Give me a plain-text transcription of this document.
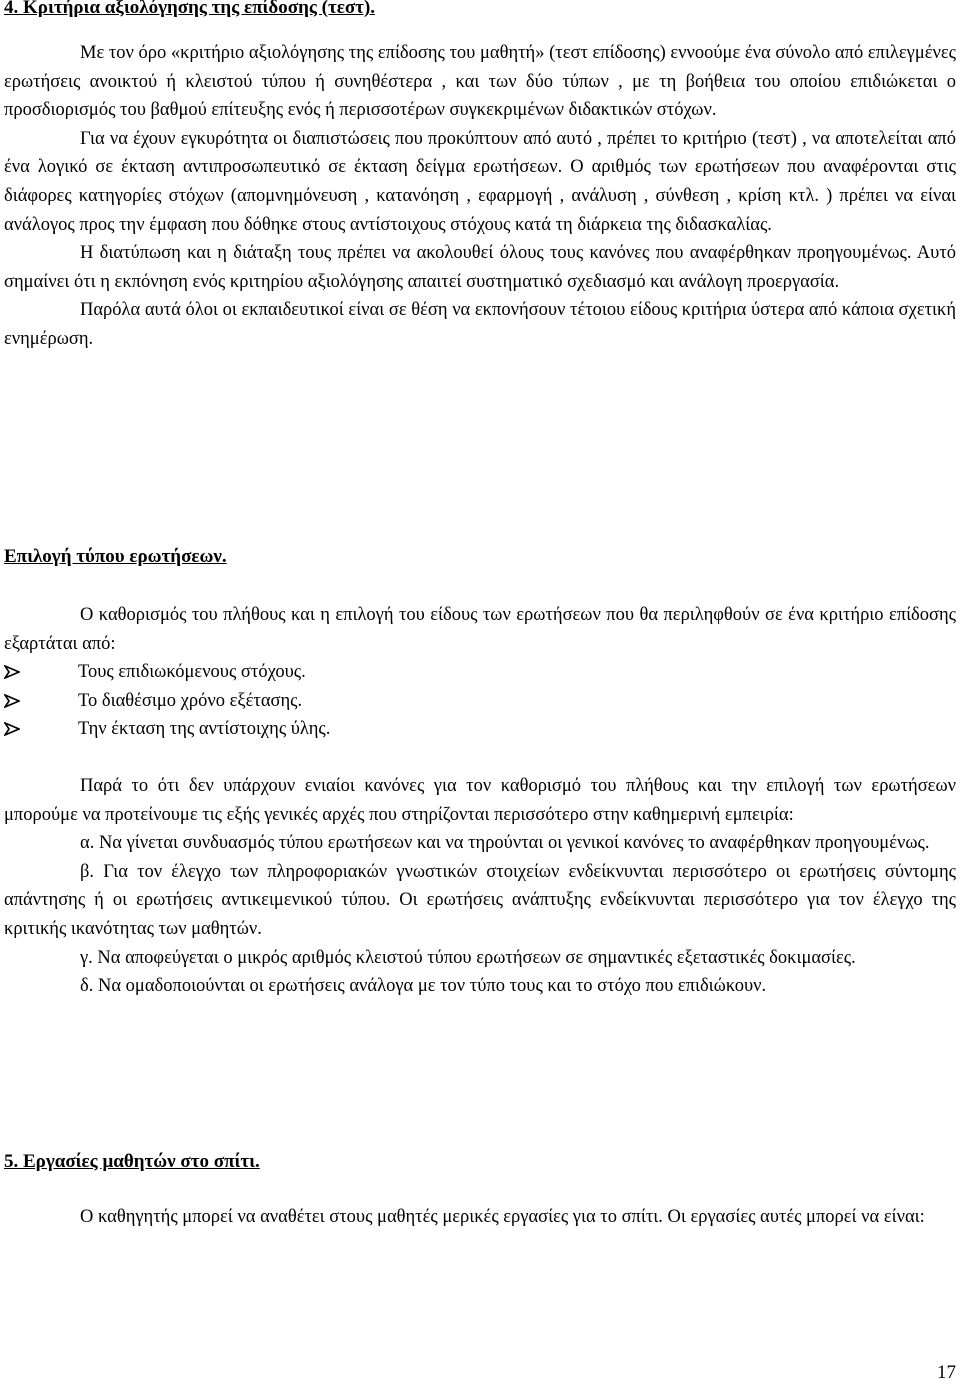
4. Κριτήρια αξιολόγησης της επίδοσης (τεστ).

Με τον όρο «κριτήριο αξιολόγησης της επίδοσης του μαθητή» (τεστ επίδοσης) εννοούμε ένα σύνολο από επιλεγμένες ερωτήσεις ανοικτού ή κλειστού τύπου ή συνηθέστερα , και των δύο τύπων , με τη βοήθεια του οποίου επιδιώκεται ο προσδιορισμός του βαθμού επίτευξης ενός ή περισσοτέρων συγκεκριμένων διδακτικών στόχων.

Για να έχουν εγκυρότητα οι διαπιστώσεις που προκύπτουν από αυτό , πρέπει το κριτήριο (τεστ) , να αποτελείται από ένα λογικό σε έκταση αντιπροσωπευτικό σε έκταση δείγμα ερωτήσεων. Ο αριθμός των ερωτήσεων που αναφέρονται στις διάφορες κατηγορίες στόχων (απομνημόνευση , κατανόηση , εφαρμογή , ανάλυση , σύνθεση , κρίση κτλ. ) πρέπει να είναι ανάλογος προς την έμφαση που δόθηκε στους αντίστοιχους στόχους κατά τη διάρκεια της διδασκαλίας.

Η διατύπωση και η διάταξη τους πρέπει να ακολουθεί όλους τους κανόνες που αναφέρθηκαν προηγουμένως. Αυτό σημαίνει ότι η εκπόνηση ενός κριτηρίου αξιολόγησης απαιτεί συστηματικό σχεδιασμό και ανάλογη προεργασία.

Παρόλα αυτά όλοι οι εκπαιδευτικοί είναι σε θέση να εκπονήσουν τέτοιου είδους κριτήρια ύστερα από κάποια σχετική ενημέρωση.

Επιλογή τύπου ερωτήσεων.

Ο καθορισμός του πλήθους και η επιλογή του είδους των ερωτήσεων που θα περιληφθούν σε ένα κριτήριο επίδοσης εξαρτάται από:

Τους επιδιωκόμενους στόχους.
Το διαθέσιμο χρόνο εξέτασης.
Την έκταση της αντίστοιχης ύλης.

Παρά το ότι δεν υπάρχουν ενιαίοι κανόνες για τον καθορισμό του πλήθους και την επιλογή των ερωτήσεων μπορούμε να προτείνουμε τις εξής γενικές αρχές που στηρίζονται περισσότερο στην καθημερινή εμπειρία:

α. Να γίνεται συνδυασμός τύπου ερωτήσεων και να τηρούνται οι γενικοί κανόνες το αναφέρθηκαν προηγουμένως.

β. Για τον έλεγχο των πληροφοριακών γνωστικών στοιχείων ενδείκνυνται περισσότερο οι ερωτήσεις σύντομης απάντησης ή οι ερωτήσεις αντικειμενικού τύπου. Οι ερωτήσεις ανάπτυξης ενδείκνυνται περισσότερο για τον έλεγχο της κριτικής ικανότητας των μαθητών.

γ. Να αποφεύγεται ο μικρός αριθμός κλειστού τύπου ερωτήσεων σε σημαντικές εξεταστικές δοκιμασίες.

δ. Να ομαδοποιούνται οι ερωτήσεις ανάλογα με τον τύπο τους και το στόχο που επιδιώκουν.

5. Εργασίες μαθητών στο σπίτι.

Ο καθηγητής μπορεί να αναθέτει στους μαθητές μερικές εργασίες για το σπίτι. Οι εργασίες αυτές μπορεί να είναι:

17
